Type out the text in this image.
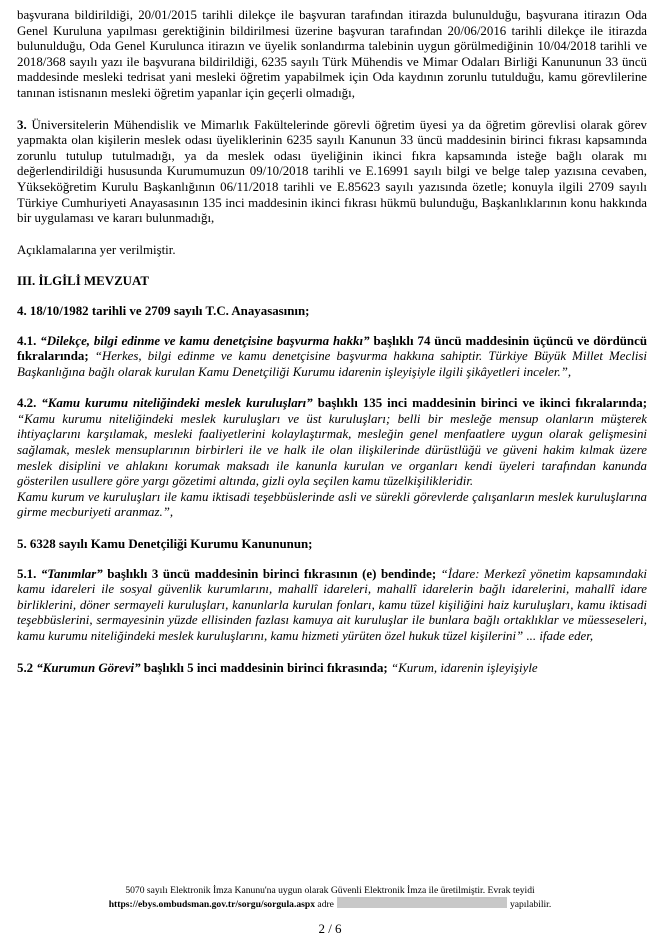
başvurana bildirildiği, 20/01/2015 tarihli dilekçe ile başvuran tarafından itirazda bulunulduğu, başvurana itirazın Oda Genel Kuruluna yapılması gerektiğinin bildirilmesi üzerine başvuran tarafından 20/06/2016 tarihli dilekçe ile itirazda bulunulduğu, Oda Genel Kurulunca itirazın ve üyelik sonlandırma talebinin uygun görülmediğinin 10/04/2018 tarihli ve 2018/368 sayılı yazı ile başvurana bildirildiği, 6235 sayılı Türk Mühendis ve Mimar Odaları Birliği Kanununun 33 üncü maddesinde mesleki tedrisat yani mesleki öğretim yapabilmek için Oda kaydının zorunlu tutulduğu, kamu görevlilerine tanınan istisnanın mesleki öğretim yapanlar için geçerli olmadığı,

3. Üniversitelerin Mühendislik ve Mimarlık Fakültelerinde görevli öğretim üyesi ya da öğretim görevlisi olarak görev yapmakta olan kişilerin meslek odası üyeliklerinin 6235 sayılı Kanunun 33 üncü maddesinin birinci fıkrası kapsamında zorunlu tutulup tutulmadığı, ya da meslek odası üyeliğinin ikinci fıkra kapsamında isteğe bağlı olarak mı değerlendirildiği hususunda Kurumumuzun 09/10/2018 tarihli ve E.16991 sayılı bilgi ve belge talep yazısına cevaben, Yükseköğretim Kurulu Başkanlığının 06/11/2018 tarihli ve E.85623 sayılı yazısında özetle; konuyla ilgili 2709 sayılı Türkiye Cumhuriyeti Anayasasının 135 inci maddesinin ikinci fıkrası hükmü bulunduğu, Başkanlıklarının konu hakkında bir uygulaması ve kararı bulunmadığı,

Açıklamalarına yer verilmiştir.

III. İLGİLİ MEVZUAT

4. 18/10/1982 tarihli ve 2709 sayılı T.C. Anayasasının;

4.1. “Dilekçe, bilgi edinme ve kamu denetçisine başvurma hakkı” başlıklı 74 üncü maddesinin üçüncü ve dördüncü fıkralarında; “Herkes, bilgi edinme ve kamu denetçisine başvurma hakkına sahiptir. Türkiye Büyük Millet Meclisi Başkanlığına bağlı olarak kurulan Kamu Denetçiliği Kurumu idarenin işleyişiyle ilgili şikâyetleri inceler.”,

4.2. “Kamu kurumu niteliğindeki meslek kuruluşları” başlıklı 135 inci maddesinin birinci ve ikinci fıkralarında; “Kamu kurumu niteliğindeki meslek kuruluşları ve üst kuruluşları; belli bir mesleğe mensup olanların müşterek ihtiyaçlarını karşılamak, mesleki faaliyetlerini kolaylaştırmak, mesleğin genel menfaatlere uygun olarak gelişmesini sağlamak, meslek mensuplarının birbirleri ile ve halk ile olan ilişkilerinde dürüstlüğü ve güveni hakim kılmak üzere meslek disiplini ve ahlakını korumak maksadı ile kanunla kurulan ve organları kendi üyeleri tarafından kanunda gösterilen usullere göre yargı gözetimi altında, gizli oyla seçilen kamu tüzelkişilikleridir.

Kamu kurum ve kuruluşları ile kamu iktisadi teşebbüslerinde asli ve sürekli görevlerde çalışanların meslek kuruluşlarına girme mecburiyeti aranmaz.”,

5. 6328 sayılı Kamu Denetçiliği Kurumu Kanununun;

5.1. “Tanımlar” başlıklı 3 üncü maddesinin birinci fıkrasının (e) bendinde; “İdare: Merkezî yönetim kapsamındaki kamu idareleri ile sosyal güvenlik kurumlarını, mahallî idareleri, mahallî idarelerin bağlı idarelerini, mahallî idare birliklerini, döner sermayeli kuruluşları, kanunlarla kurulan fonları, kamu tüzel kişiliğini haiz kuruluşları, kamu iktisadi teşebbüslerini, sermayesinin yüzde ellisinden fazlası kamuya ait kuruluşlar ile bunlara bağlı ortaklıklar ve müesseseleri, kamu kurumu niteliğindeki meslek kuruluşlarını, kamu hizmeti yürüten özel hukuk tüzel kişilerini” ... ifade eder,

5.2 “Kurumun Görevi” başlıklı 5 inci maddesinin birinci fıkrasında; “Kurum, idarenin işleyişiyle

5070 sayılı Elektronik İmza Kanunu'na uygun olarak Güvenli Elektronik İmza ile üretilmiştir. Evrak teyidi
https://ebys.ombudsman.gov.tr/sorgu/sorgula.aspx adre	yapılabilir.
2 / 6
